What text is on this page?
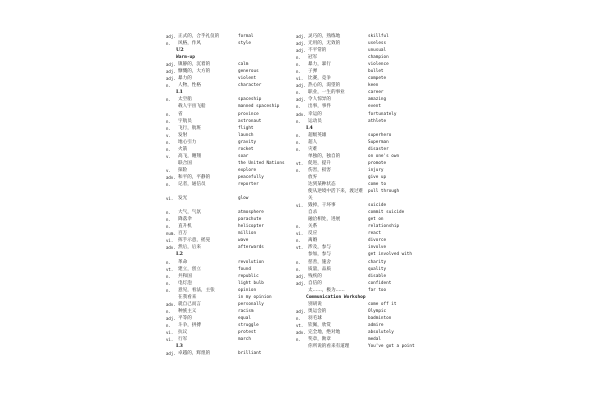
adj. 正式的，合乎礼仪的	formal
n.	风格，作风	style
U2
Warm-up
adj. 镇静的，沉着的	calm
adj. 慷慨的，大方的	generous
adj. 暴力的	violent
n.	人物，性格	character
L1
n.	太空船	spaceship
载人宇宙飞船	manned spaceship
n.	省	province
n.	宇航员	astronaut
n.	飞行，航班	flight
v.	发射	launch
n.	地心引力	gravity
n.	火箭	rocket
v.	高飞，翱翔	soar
联合国	the United Nations
v.	探险	explore
adv. 和平的，平静的	peacefully
n.	记者，通信员	reporter
vi.	发光	glow
n.	大气，气氛	atmosphere
n.	降落伞	parachute
n.	直升机	helicopter
num. 百万	million
vi.	挥手示意，摇晃	wave
adv. 然后，后来	afterwards
L2
n.	革命	revolution
vt.	建立，创立	found
n.	共和国	republic
n.	电灯泡	light bulb
n.	意见，看法，主张	opinion
在我看来	in my opinion
adv. 就自己而言	personally
n.	种族主义	racism
adj. 平等的	equal
n.	斗争，拼搏	struggle
vi.	抗议	protest
vi.	行军	march
L3
adj. 卓越的，辉煌的	brilliant
adj. 灵巧的，熟练地	skillful
adj. 无用的，无效的	useless
adj. 不平常的	unusual
n.	冠军	champion
n.	暴力，暴行	violence
n.	子弹	bullet
vi.	比赛，竞争	compete
adj. 热心的，渴望的	keen
n.	职业，一生的事业	career
adj. 令人惊异的	amazing
n.	出事，事件	event
adv. 幸运的	fortunately
n.	运动员	athlete
L4
n.	超级英雄	superhero
n.	超人	Superman
n.	灾难	disaster
单独的，独自的	on one's own
vt.	促进，提升	promote
n.	伤害，损害	injury
放弃	give up
达到某种状态	come to
使从逆境中活下来，渡过难 pull through
关
vi.	毁掉，干坏事	suicide
自杀	commit suicide
融洽相处，进展	get on
n.	关系	relationship
vi.	反应	react
n.	离婚	divorce
vt.	涉及，参与	involve
参加，参与	get involved with
n.	慈善，施舍	charity
n.	质量，品质	quality
adj. 残疾的	disable
adj. 自信的	confident
太……，极为……	far too
Communication Workshop
别胡说	come off it
adj. 奥运会的	Olympic
n.	羽毛球	badminton
vt.	钦佩，欣赏	admire
adv. 完全地，绝对地	absolutely
n.	奖章，勋章	medal
你所说的看来有道理	You've got a point
